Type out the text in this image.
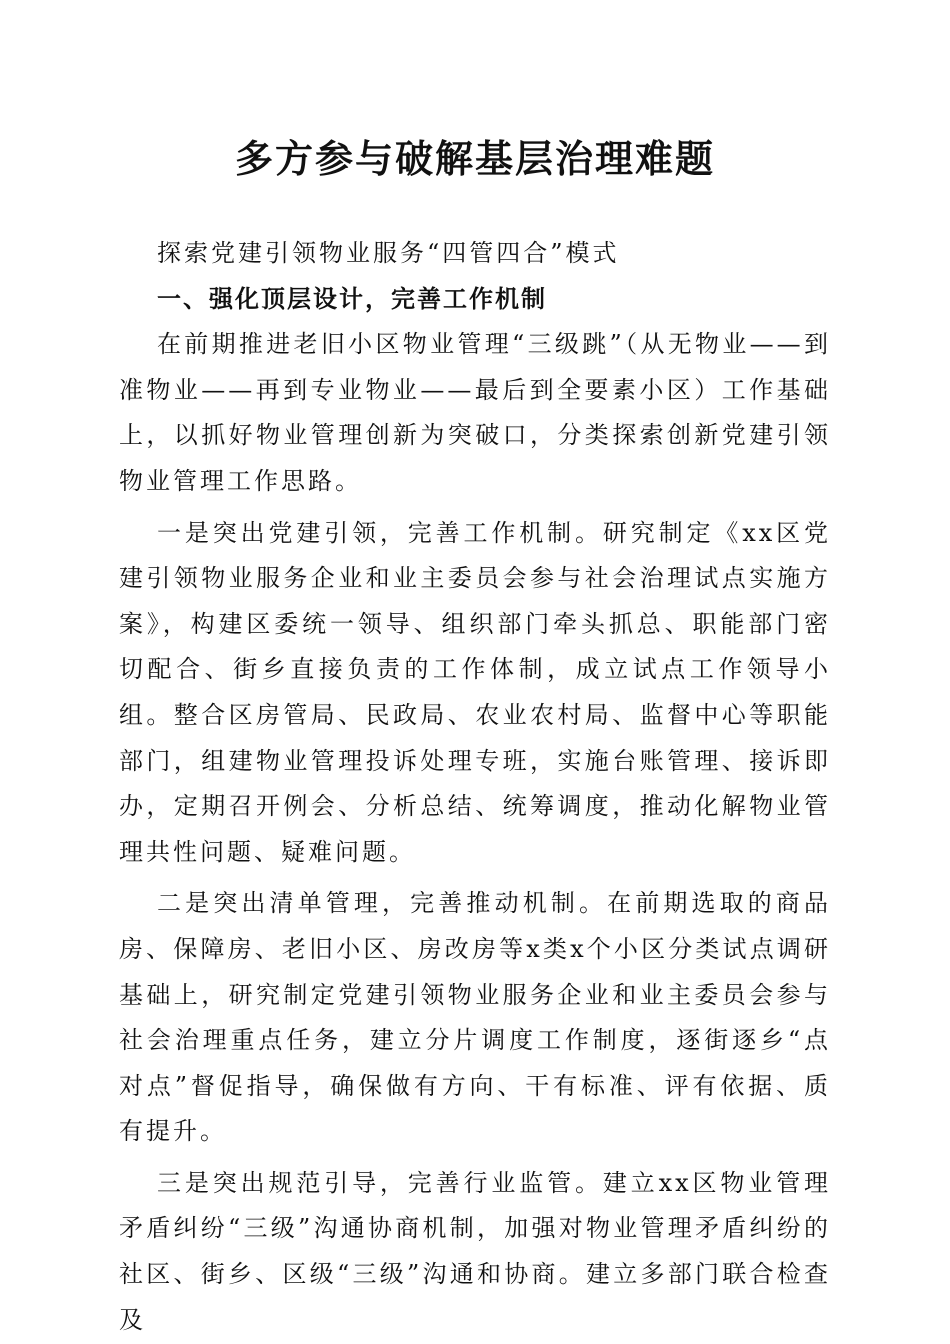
多方参与破解基层治理难题

探索党建引领物业服务“四管四合”模式

一、强化顶层设计，完善工作机制

在前期推进老旧小区物业管理“三级跳”（从无物业——到准物业——再到专业物业——最后到全要素小区）工作基础上，以抓好物业管理创新为突破口，分类探索创新党建引领物业管理工作思路。

一是突出党建引领，完善工作机制。研究制定《xx区党建引领物业服务企业和业主委员会参与社会治理试点实施方案》，构建区委统一领导、组织部门牵头抓总、职能部门密切配合、街乡直接负责的工作体制，成立试点工作领导小组。整合区房管局、民政局、农业农村局、监督中心等职能部门，组建物业管理投诉处理专班，实施台账管理、接诉即办，定期召开例会、分析总结、统筹调度，推动化解物业管理共性问题、疑难问题。

二是突出清单管理，完善推动机制。在前期选取的商品房、保障房、老旧小区、房改房等x类x个小区分类试点调研基础上，研究制定党建引领物业服务企业和业主委员会参与社会治理重点任务，建立分片调度工作制度，逐街逐乡“点对点”督促指导，确保做有方向、干有标准、评有依据、质有提升。

三是突出规范引导，完善行业监管。建立xx区物业管理矛盾纠纷“三级”沟通协商机制，加强对物业管理矛盾纠纷的社区、街乡、区级“三级”沟通和协商。建立多部门联合检查及
